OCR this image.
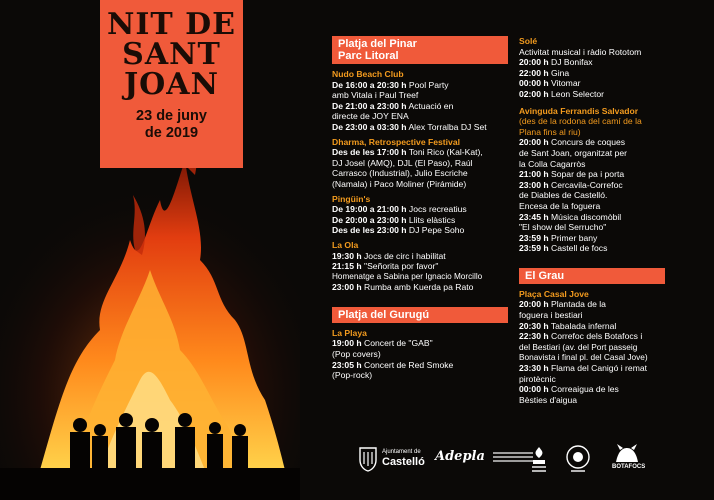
NIT DE
SANT
JOAN
23 de juny
de 2019
Platja del Pinar
Parc Litoral
Nudo Beach Club
De 16:00 a 20:30 h Pool Party
amb Vitala i Paul Treef
De 21:00 a 23:00 h Actuació en
directe de JOY ENA
De 23:00 a 03:30 h Alex Torralba DJ Set
Dharma, Retrospective Festival
Des de les 17:00 h Toni Rico (Kal-Kat),
DJ Josel (AMQ), DJL (El Paso), Raúl
Carrasco (Industrial), Julio Escriche
(Namala) i Paco Moliner (Pirámide)
Pingüin's
De 19:00 a 21:00 h Jocs recreatius
De 20:00 a 23:00 h Llits elàstics
Des de les 23:00 h DJ Pepe Soho
La Ola
19:30 h Jocs de circ i habilitat
21:15 h "Señorita por favor"
Homenatge a Sabina per Ignacio Morcillo
23:00 h Rumba amb Kuerda pa Rato
Platja del Gurugú
La Playa
19:00 h Concert de "GAB"
(Pop covers)
23:05 h Concert de Red Smoke
(Pop-rock)
Solé
Activitat musical i ràdio Rototom
20:00 h DJ Bonifax
22:00 h Gina
00:00 h Vitomar
02:00 h Leon Selector
Avinguda Ferrandis Salvador
(des de la rodona del camí de la
Plana fins al riu)
20:00 h Concurs de coques
de Sant Joan, organitzat per
la Colla Cagarròs
21:00 h Sopar de pa i porta
23:00 h Cercavila-Correfoc
de Diables de Castelló.
Encesa de la foguera
23:45 h Música discomòbil
"El show del Serrucho"
23:59 h Primer bany
23:59 h Castell de focs
El Grau
Plaça Casal Jove
20:00 h Plantada de la
foguera i bestiari
20:30 h Tabalada infernal
22:30 h Correfoc dels Botafocs i
del Bestiari (av. del Port passeig
Bonavista i final pl. del Casal Jove)
23:30 h Flama del Canigó i remat
pirotècnic
00:00 h Correaigua de les
Bèsties d'aigua
Ajuntament de
Castelló Adepla
BOTAFOCS
